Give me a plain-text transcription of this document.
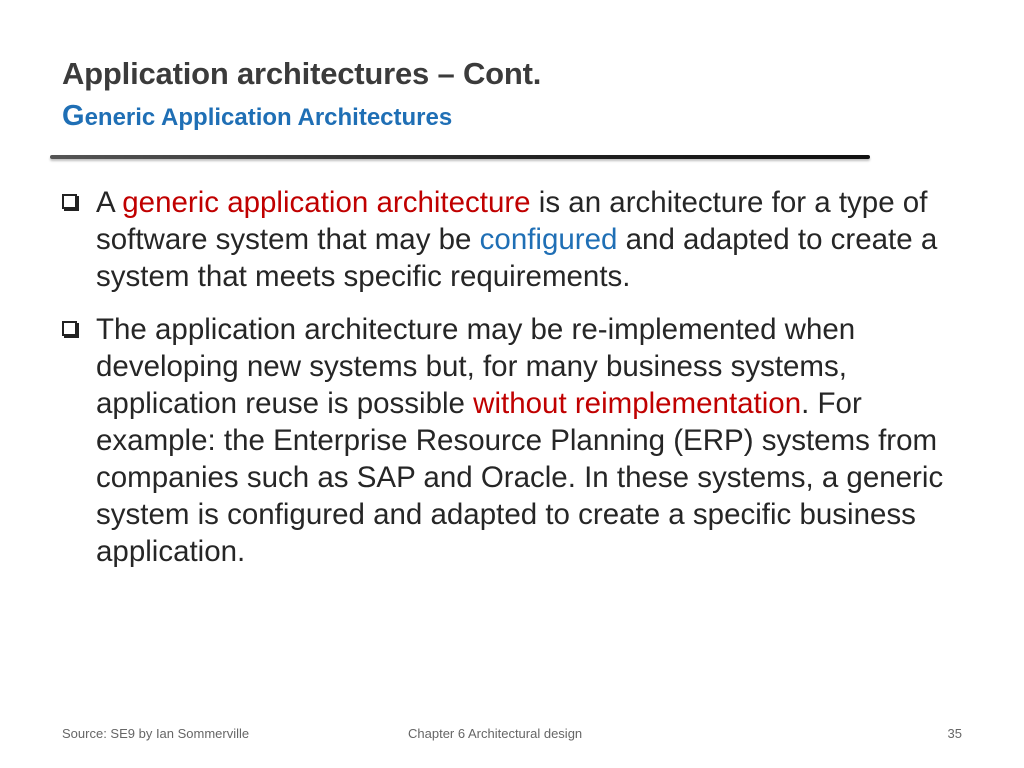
Application architectures – Cont.
Generic Application Architectures
A generic application architecture is an architecture for a type of software system that may be configured and adapted to create a system that meets specific requirements.
The application architecture may be re-implemented when developing new systems but, for many business systems, application reuse is possible without reimplementation. For example: the Enterprise Resource Planning (ERP) systems from companies such as SAP and Oracle. In these systems, a generic system is configured and adapted to create a specific business application.
Source: SE9 by Ian Sommerville	Chapter 6 Architectural design	35
